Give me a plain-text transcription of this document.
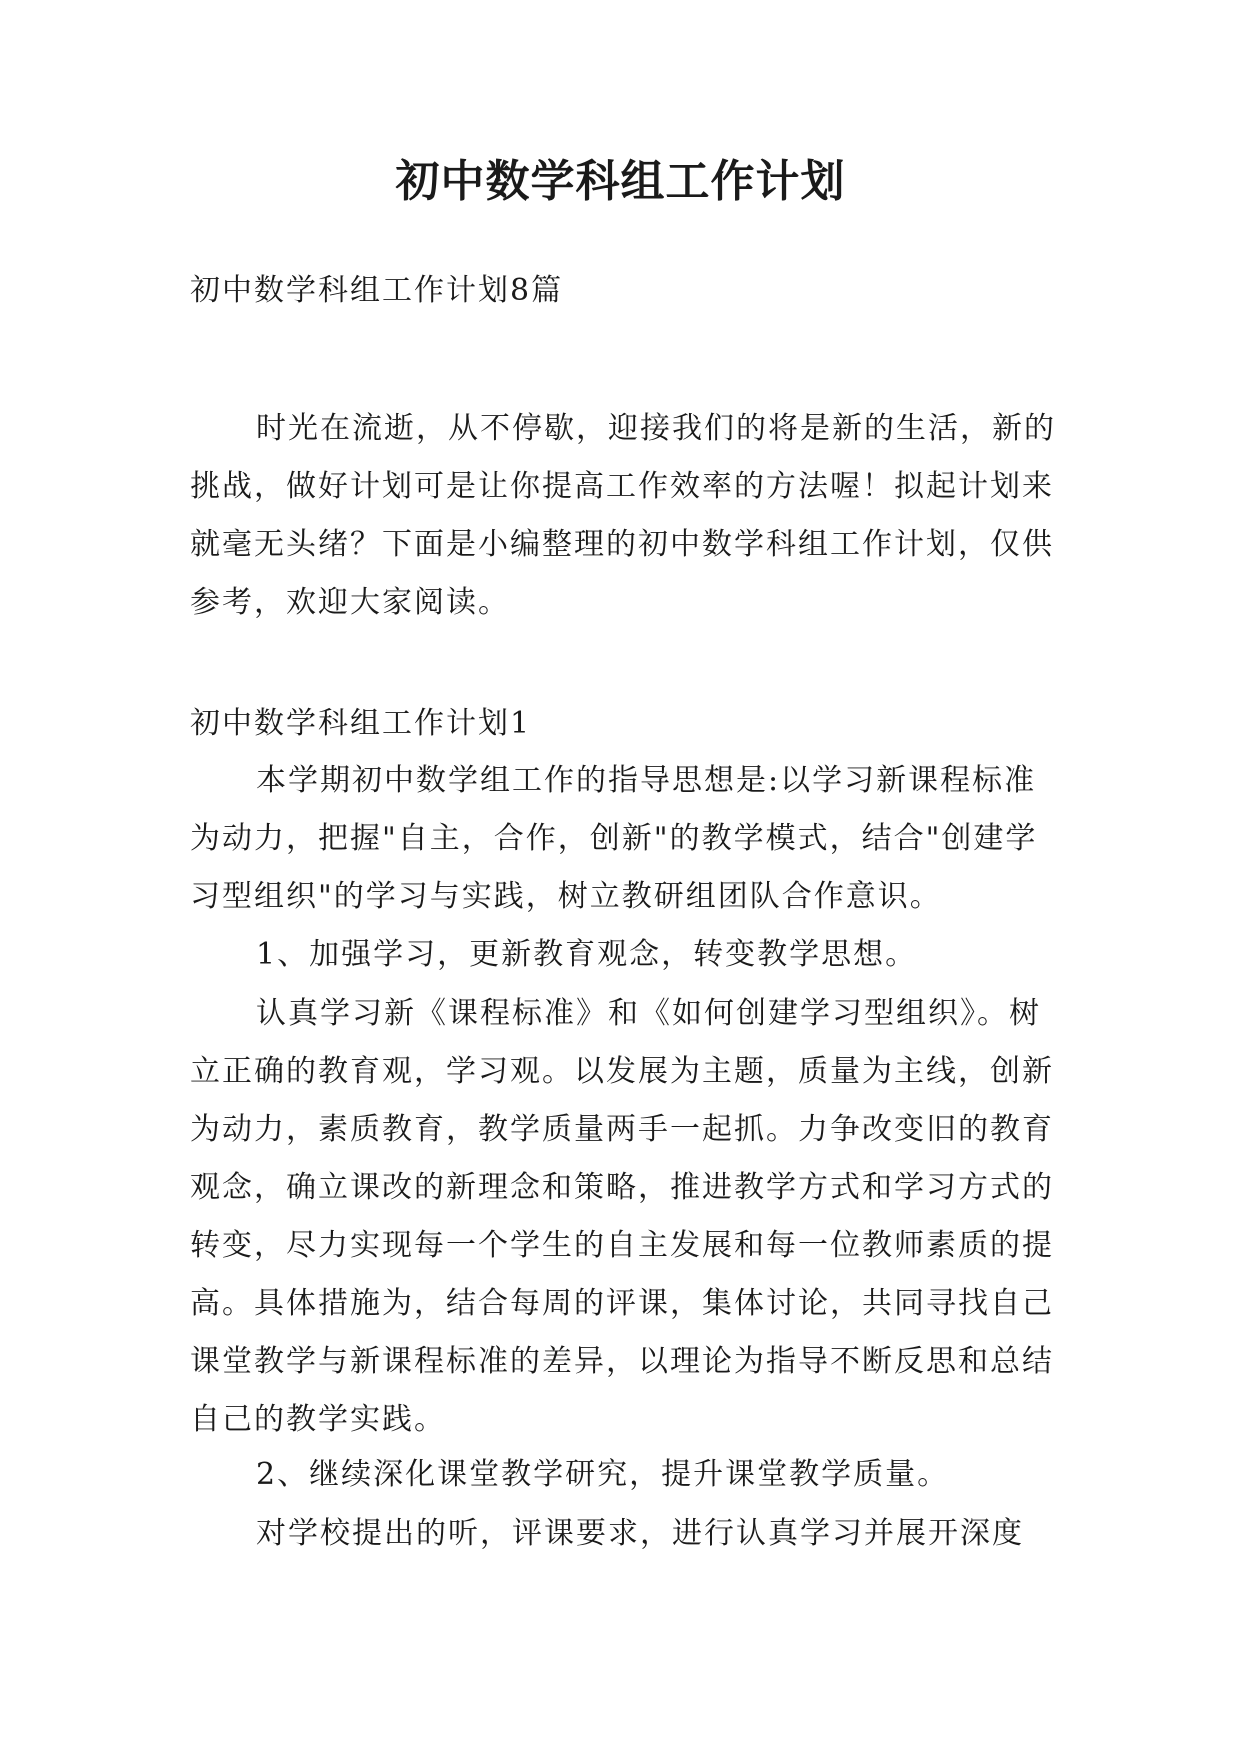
初中数学科组工作计划

初中数学科组工作计划8篇

时光在流逝，从不停歇，迎接我们的将是新的生活，新的挑战，做好计划可是让你提高工作效率的方法喔！拟起计划来就毫无头绪？下面是小编整理的初中数学科组工作计划，仅供参考，欢迎大家阅读。

初中数学科组工作计划1

本学期初中数学组工作的指导思想是:以学习新课程标准为动力，把握"自主，合作，创新"的教学模式，结合"创建学习型组织"的学习与实践，树立教研组团队合作意识。

1、加强学习，更新教育观念，转变教学思想。

认真学习新《课程标准》和《如何创建学习型组织》。树立正确的教育观，学习观。以发展为主题，质量为主线，创新为动力，素质教育，教学质量两手一起抓。力争改变旧的教育观念，确立课改的新理念和策略，推进教学方式和学习方式的转变，尽力实现每一个学生的自主发展和每一位教师素质的提高。具体措施为，结合每周的评课，集体讨论，共同寻找自己课堂教学与新课程标准的差异，以理论为指导不断反思和总结自己的教学实践。

2、继续深化课堂教学研究，提升课堂教学质量。

对学校提出的听，评课要求，进行认真学习并展开深度
